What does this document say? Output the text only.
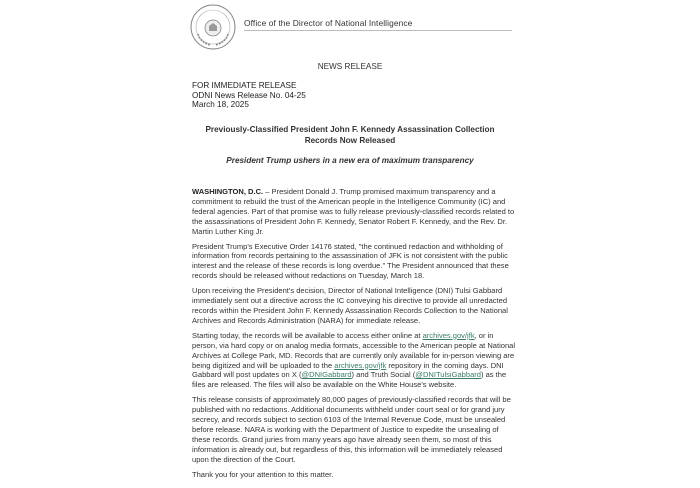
Office of the Director of National Intelligence
NEWS RELEASE
FOR IMMEDIATE RELEASE
ODNI News Release No. 04-25
March 18, 2025
Previously-Classified President John F. Kennedy Assassination Collection Records Now Released
President Trump ushers in a new era of maximum transparency
WASHINGTON, D.C. – President Donald J. Trump promised maximum transparency and a commitment to rebuild the trust of the American people in the Intelligence Community (IC) and federal agencies. Part of that promise was to fully release previously-classified records related to the assassinations of President John F. Kennedy, Senator Robert F. Kennedy, and the Rev. Dr. Martin Luther King Jr.
President Trump's Executive Order 14176 stated, "the continued redaction and withholding of information from records pertaining to the assassination of JFK is not consistent with the public interest and the release of these records is long overdue." The President announced that these records should be released without redactions on Tuesday, March 18.
Upon receiving the President's decision, Director of National Intelligence (DNI) Tulsi Gabbard immediately sent out a directive across the IC conveying his directive to provide all unredacted records within the President John F. Kennedy Assassination Records Collection to the National Archives and Records Administration (NARA) for immediate release.
Starting today, the records will be available to access either online at archives.gov/jfk, or in person, via hard copy or on analog media formats, accessible to the American people at National Archives at College Park, MD. Records that are currently only available for in-person viewing are being digitized and will be uploaded to the archives.gov/jfk repository in the coming days. DNI Gabbard will post updates on X (@DNIGabbard) and Truth Social (@DNITulsiGabbard) as the files are released. The files will also be available on the White House's website.
This release consists of approximately 80,000 pages of previously-classified records that will be published with no redactions. Additional documents withheld under court seal or for grand jury secrecy, and records subject to section 6103 of the Internal Revenue Code, must be unsealed before release. NARA is working with the Department of Justice to expedite the unsealing of these records. Grand juries from many years ago have already seen them, so most of this information is already out, but regardless of this, this information will be immediately released upon the direction of the Court.
Thank you for your attention to this matter.
